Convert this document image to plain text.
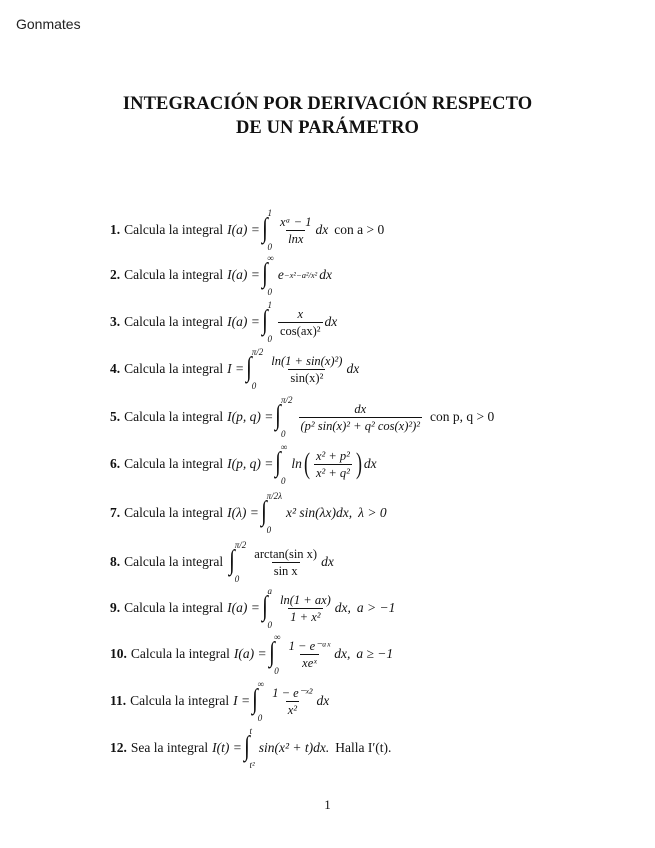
Gonmates
INTEGRACIÓN POR DERIVACIÓN RESPECTO
DE UN PARÁMETRO
1. Calcula la integral I(a) = ∫ 1
0
$\frac{\text{xᵃ − 1}}{\ln x}$ dx con a > 0
2. Calcula la integral I(a) = ∫ ∞
0
e −x²−a²/x² dx
3. Calcula la integral I(a) = ∫ 1
0
$\frac{x}{\text{cos(ax)²}}$ dx
4. Calcula la integral I = ∫ π/2
0
$\frac{\text{ln(1 + sin(x)²)}}{\text{sin(x)²}}$ dx
5. Calcula la integral I(p, q) = ∫ π/2
0
$\frac{dx}{\text{(p² sin(x)² + q² cos(x)²)²}}$ con p, q > 0
6. Calcula la integral I(p, q) = ∫ ∞
0
ln ( $\frac{\text{x² + p²}}{\text{x² + q²}}$ ) dx
7. Calcula la integral I(λ) = ∫ π/2λ
0
x² sin(λx)dx, λ > 0
8. Calcula la integral ∫ π/2
0
$\frac{\text{arctan(sin x)}}{\text{sin x}}$ dx
9. Calcula la integral I(a) = ∫ a
0
$\frac{\ln(1 + ax)}{\text{1 + x²}}$ dx, a > −1
10. Calcula la integral I(a) = ∫ ∞
0
$\frac{\text{1 − e⁻ᵃˣ}}{\text{xeˣ}}$ dx, a ≥ −1
11. Calcula la integral I = ∫ ∞
0
$\frac{\text{1 − e⁻ˣ²}}{\text{x²}}$ dx
12. Sea la integral I(t) = ∫ t
t²
sin(x² + t)dx. Halla I′(t).
1
